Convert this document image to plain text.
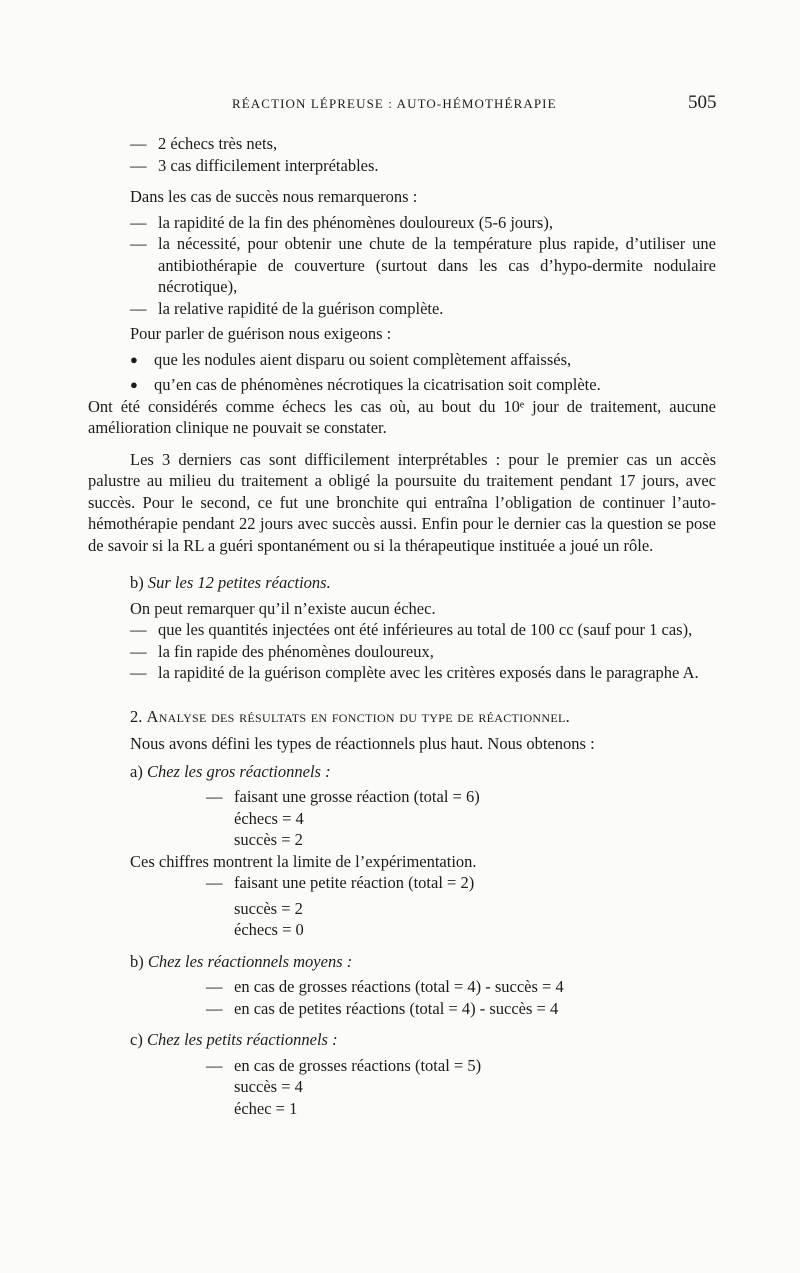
RÉACTION LÉPREUSE : AUTO-HÉMOTHÉRAPIE	505
— 2 échecs très nets,
— 3 cas difficilement interprétables.

Dans les cas de succès nous remarquerons :

— la rapidité de la fin des phénomènes douloureux (5-6 jours),
— la nécessité, pour obtenir une chute de la température plus rapide, d’utiliser une antibiothérapie de couverture (surtout dans les cas d’hypo-dermite nodulaire nécrotique),
— la relative rapidité de la guérison complète.

Pour parler de guérison nous exigeons :

● que les nodules aient disparu ou soient complètement affaissés,
● qu’en cas de phénomènes nécrotiques la cicatrisation soit complète.

Ont été considérés comme échecs les cas où, au bout du 10ᵉ jour de traitement, aucune amélioration clinique ne pouvait se constater.

Les 3 derniers cas sont difficilement interprétables : pour le premier cas un accès palustre au milieu du traitement a obligé la poursuite du traitement pendant 17 jours, avec succès. Pour le second, ce fut une bronchite qui entraîna l’obligation de continuer l’auto-hémothérapie pendant 22 jours avec succès aussi. Enfin pour le dernier cas la question se pose de savoir si la RL a guéri spontanément ou si la thérapeutique instituée a joué un rôle.

b) Sur les 12 petites réactions.

On peut remarquer qu’il n’existe aucun échec.

— que les quantités injectées ont été inférieures au total de 100 cc (sauf pour 1 cas),
— la fin rapide des phénomènes douloureux,
— la rapidité de la guérison complète avec les critères exposés dans le paragraphe A.

2. Analyse des résultats en fonction du type de réactionnel.

Nous avons défini les types de réactionnels plus haut. Nous obtenons :

a) Chez les gros réactionnels :

— faisant une grosse réaction (total = 6)
échecs = 4
succès = 2

Ces chiffres montrent la limite de l’expérimentation.

— faisant une petite réaction (total = 2)
succès = 2
échecs = 0

b) Chez les réactionnels moyens :

— en cas de grosses réactions (total = 4) - succès = 4
— en cas de petites réactions (total = 4) - succès = 4

c) Chez les petits réactionnels :

— en cas de grosses réactions (total = 5)
succès = 4
échec = 1
